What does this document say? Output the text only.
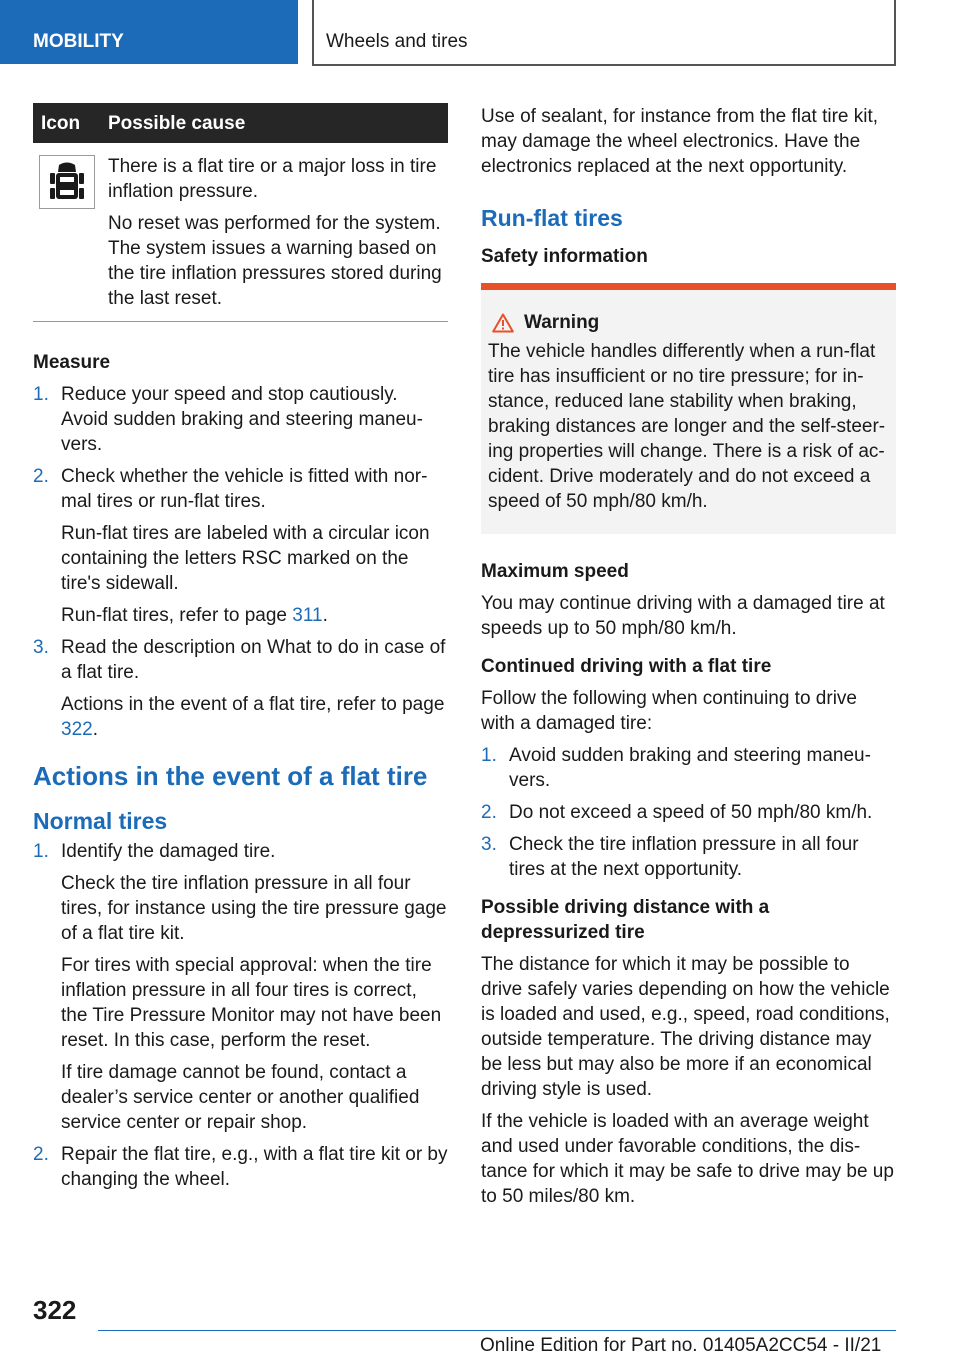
MOBILITY	Wheels and tires
Icon	Possible cause

There is a flat tire or a major loss in tire inflation pressure.

No reset was performed for the system. The system issues a warning based on the tire inflation pressures stored during the last reset.

Measure

1. Reduce your speed and stop cautiously. Avoid sudden braking and steering maneuvers.

2. Check whether the vehicle is fitted with normal tires or run-flat tires.

Run-flat tires are labeled with a circular icon containing the letters RSC marked on the tire's sidewall.

Run-flat tires, refer to page 311.

3. Read the description on What to do in case of a flat tire.

Actions in the event of a flat tire, refer to page 322.

Actions in the event of a flat tire

Normal tires

1. Identify the damaged tire.

Check the tire inflation pressure in all four tires, for instance using the tire pressure gage of a flat tire kit.

For tires with special approval: when the tire inflation pressure in all four tires is correct, the Tire Pressure Monitor may not have been reset. In this case, perform the reset.

If tire damage cannot be found, contact a dealer’s service center or another qualified service center or repair shop.

2. Repair the flat tire, e.g., with a flat tire kit or by changing the wheel.

Use of sealant, for instance from the flat tire kit, may damage the wheel electronics. Have the electronics replaced at the next opportunity.

Run-flat tires

Safety information

Warning

The vehicle handles differently when a run-flat tire has insufficient or no tire pressure; for instance, reduced lane stability when braking, braking distances are longer and the self-steering properties will change. There is a risk of accident. Drive moderately and do not exceed a speed of 50 mph/80 km/h.

Maximum speed

You may continue driving with a damaged tire at speeds up to 50 mph/80 km/h.

Continued driving with a flat tire

Follow the following when continuing to drive with a damaged tire:

1. Avoid sudden braking and steering maneuvers.

2. Do not exceed a speed of 50 mph/80 km/h.

3. Check the tire inflation pressure in all four tires at the next opportunity.

Possible driving distance with a depressurized tire

The distance for which it may be possible to drive safely varies depending on how the vehicle is loaded and used, e.g., speed, road conditions, outside temperature. The driving distance may be less but may also be more if an economical driving style is used.

If the vehicle is loaded with an average weight and used under favorable conditions, the distance for which it may be safe to drive may be up to 50 miles/80 km.

322
Online Edition for Part no. 01405A2CC54 - II/21
